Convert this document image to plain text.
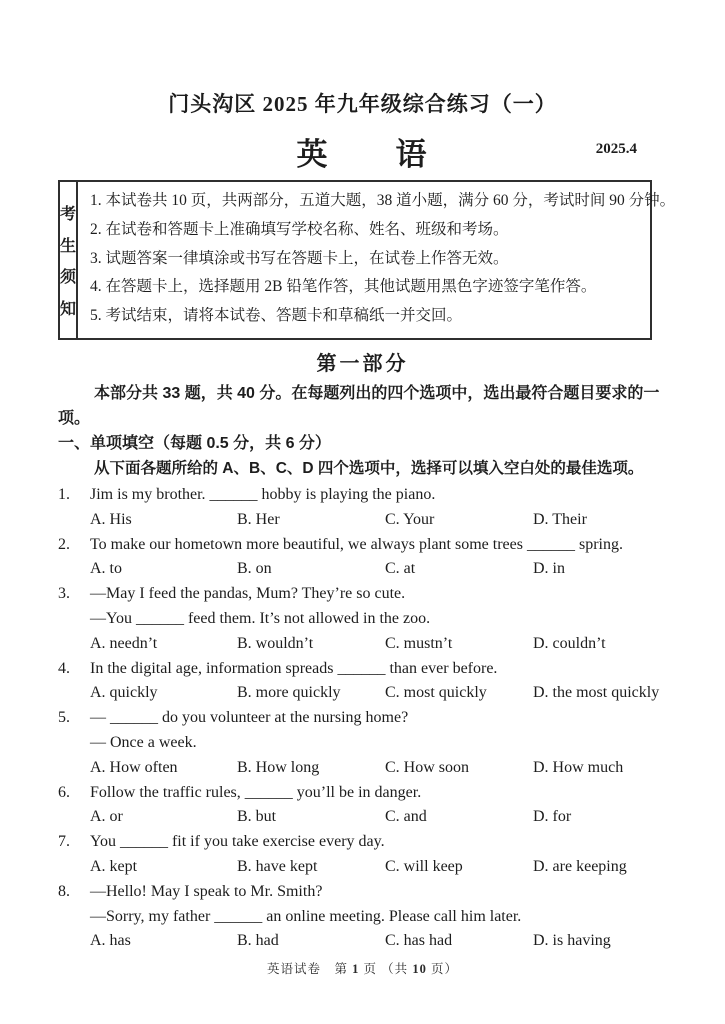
门头沟区 2025 年九年级综合练习（一）
英　　语	2025.4
考
生
须
知
1. 本试卷共 10 页，共两部分，五道大题，38 道小题，满分 60 分，考试时间 90 分钟。
2. 在试卷和答题卡上准确填写学校名称、姓名、班级和考场。
3. 试题答案一律填涂或书写在答题卡上，在试卷上作答无效。
4. 在答题卡上，选择题用 2B 铅笔作答，其他试题用黑色字迹签字笔作答。
5. 考试结束，请将本试卷、答题卡和草稿纸一并交回。
第一部分

本部分共 33 题，共 40 分。在每题列出的四个选项中，选出最符合题目要求的一项。

一、单项填空（每题 0.5 分，共 6 分）

从下面各题所给的 A、B、C、D 四个选项中，选择可以填入空白处的最佳选项。

1.	Jim is my brother. ______ hobby is playing the piano.
A. His	B. Her	C. Your	D. Their
2.	To make our hometown more beautiful, we always plant some trees ______ spring.
A. to	B. on	C. at	D. in
3.	—May I feed the pandas, Mum? They’re so cute.
—You ______ feed them. It’s not allowed in the zoo.
A. needn’t	B. wouldn’t	C. mustn’t	D. couldn’t
4.	In the digital age, information spreads ______ than ever before.
A. quickly	B. more quickly	C. most quickly	D. the most quickly
5.	— ______ do you volunteer at the nursing home?
— Once a week.
A. How often	B. How long	C. How soon	D. How much
6.	Follow the traffic rules, ______ you’ll be in danger.
A. or	B. but	C. and	D. for
7.	You ______ fit if you take exercise every day.
A. kept	B. have kept	C. will keep	D. are keeping
8.	—Hello! May I speak to Mr. Smith?
—Sorry, my father ______ an online meeting. Please call him later.
A. has	B. had	C. has had	D. is having
英语试卷　第 1 页 （共 10 页）
